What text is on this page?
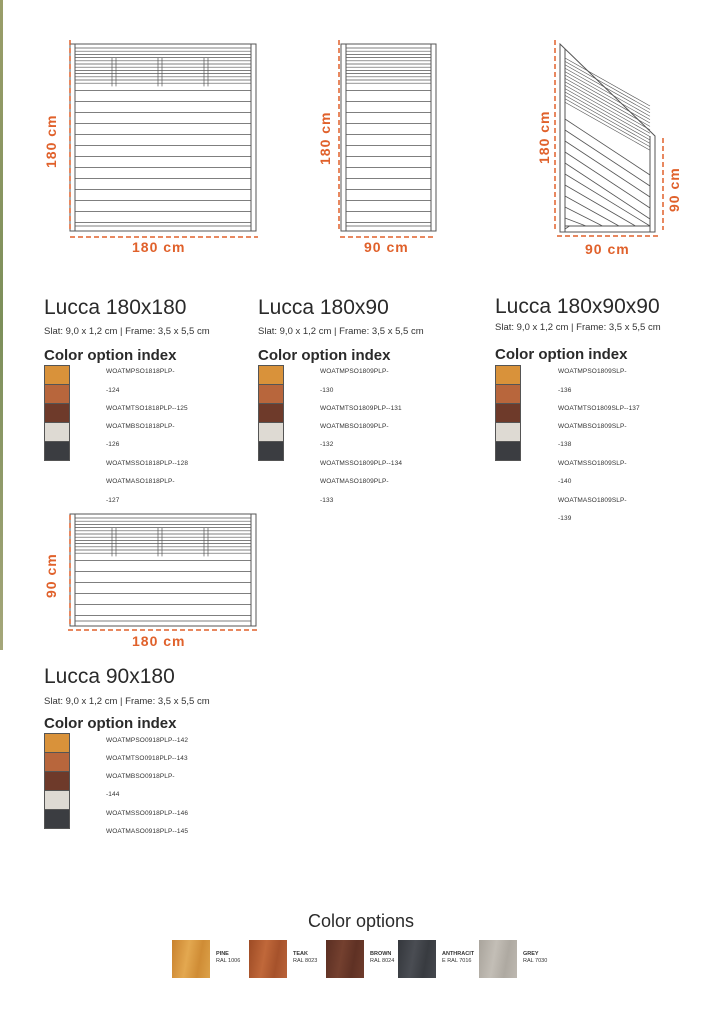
180 cm
180 cm
180 cm
90 cm
180 cm
90 cm
90 cm
90 cm
180 cm
Lucca 180x180
Slat: 9,0 x 1,2 cm | Frame: 3,5 x 5,5 cm
Color option index
Lucca 180x90
Slat: 9,0 x 1,2 cm | Frame: 3,5 x 5,5 cm
Color option index
Lucca 180x90x90
Slat: 9,0 x 1,2 cm | Frame: 3,5 x 5,5 cm
Color option index
Lucca 90x180
Slat: 9,0 x 1,2 cm | Frame: 3,5 x 5,5 cm
Color option index
WOATMPSO1818PLP-
-124
WOATMTSO1818PLP--125
WOATMBSO1818PLP-
-126
WOATMSSO1818PLP--128
WOATMASO1818PLP-
-127
WOATMPSO1809PLP-
-130
WOATMTSO1809PLP--131
WOATMBSO1809PLP-
-132
WOATMSSO1809PLP--134
WOATMASO1809PLP-
-133
WOATMPSO1809SLP-
-136
WOATMTSO1809SLP--137
WOATMBSO1809SLP-
-138
WOATMSSO1809SLP-
-140
WOATMASO1809SLP-
-139
WOATMPSO0918PLP--142
WOATMTSO0918PLP--143
WOATMBSO0918PLP-
-144
WOATMSSO0918PLP--146
WOATMASO0918PLP--145
Color options
PINE
RAL 1006
TEAK
RAL 8023
BROWN
RAL 8024
ANTHRACIT
E RAL 7016
GREY
RAL 7030
